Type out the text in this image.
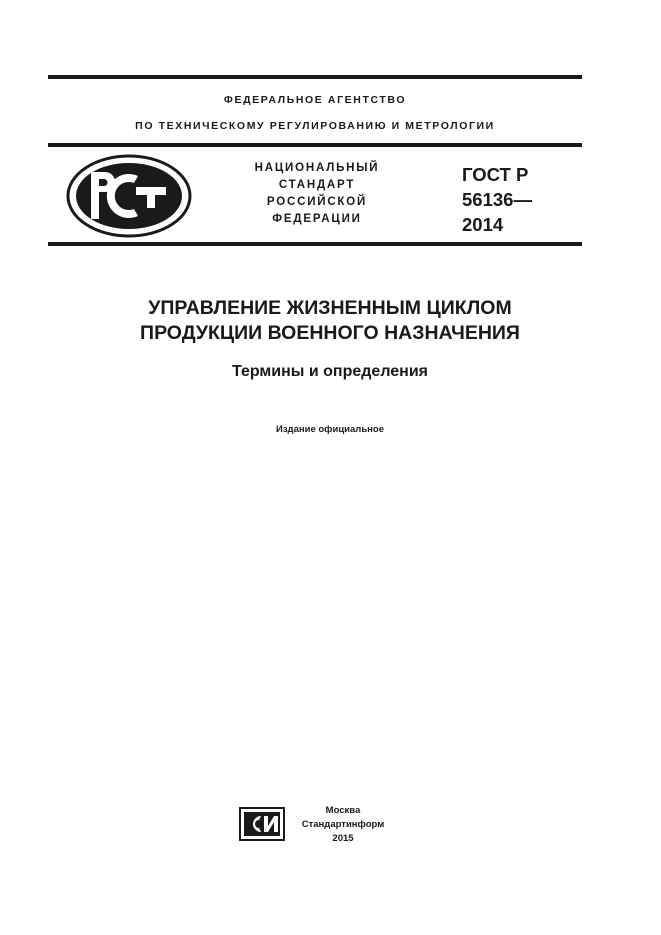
ФЕДЕРАЛЬНОЕ АГЕНТСТВО
ПО ТЕХНИЧЕСКОМУ РЕГУЛИРОВАНИЮ И МЕТРОЛОГИИ
НАЦИОНАЛЬНЫЙ
СТАНДАРТ
РОССИЙСКОЙ
ФЕДЕРАЦИИ
ГОСТ Р
56136—
2014
УПРАВЛЕНИЕ ЖИЗНЕННЫМ ЦИКЛОМ
ПРОДУКЦИИ ВОЕННОГО НАЗНАЧЕНИЯ
Термины и определения
Издание официальное
Москва
Стандартинформ
2015
